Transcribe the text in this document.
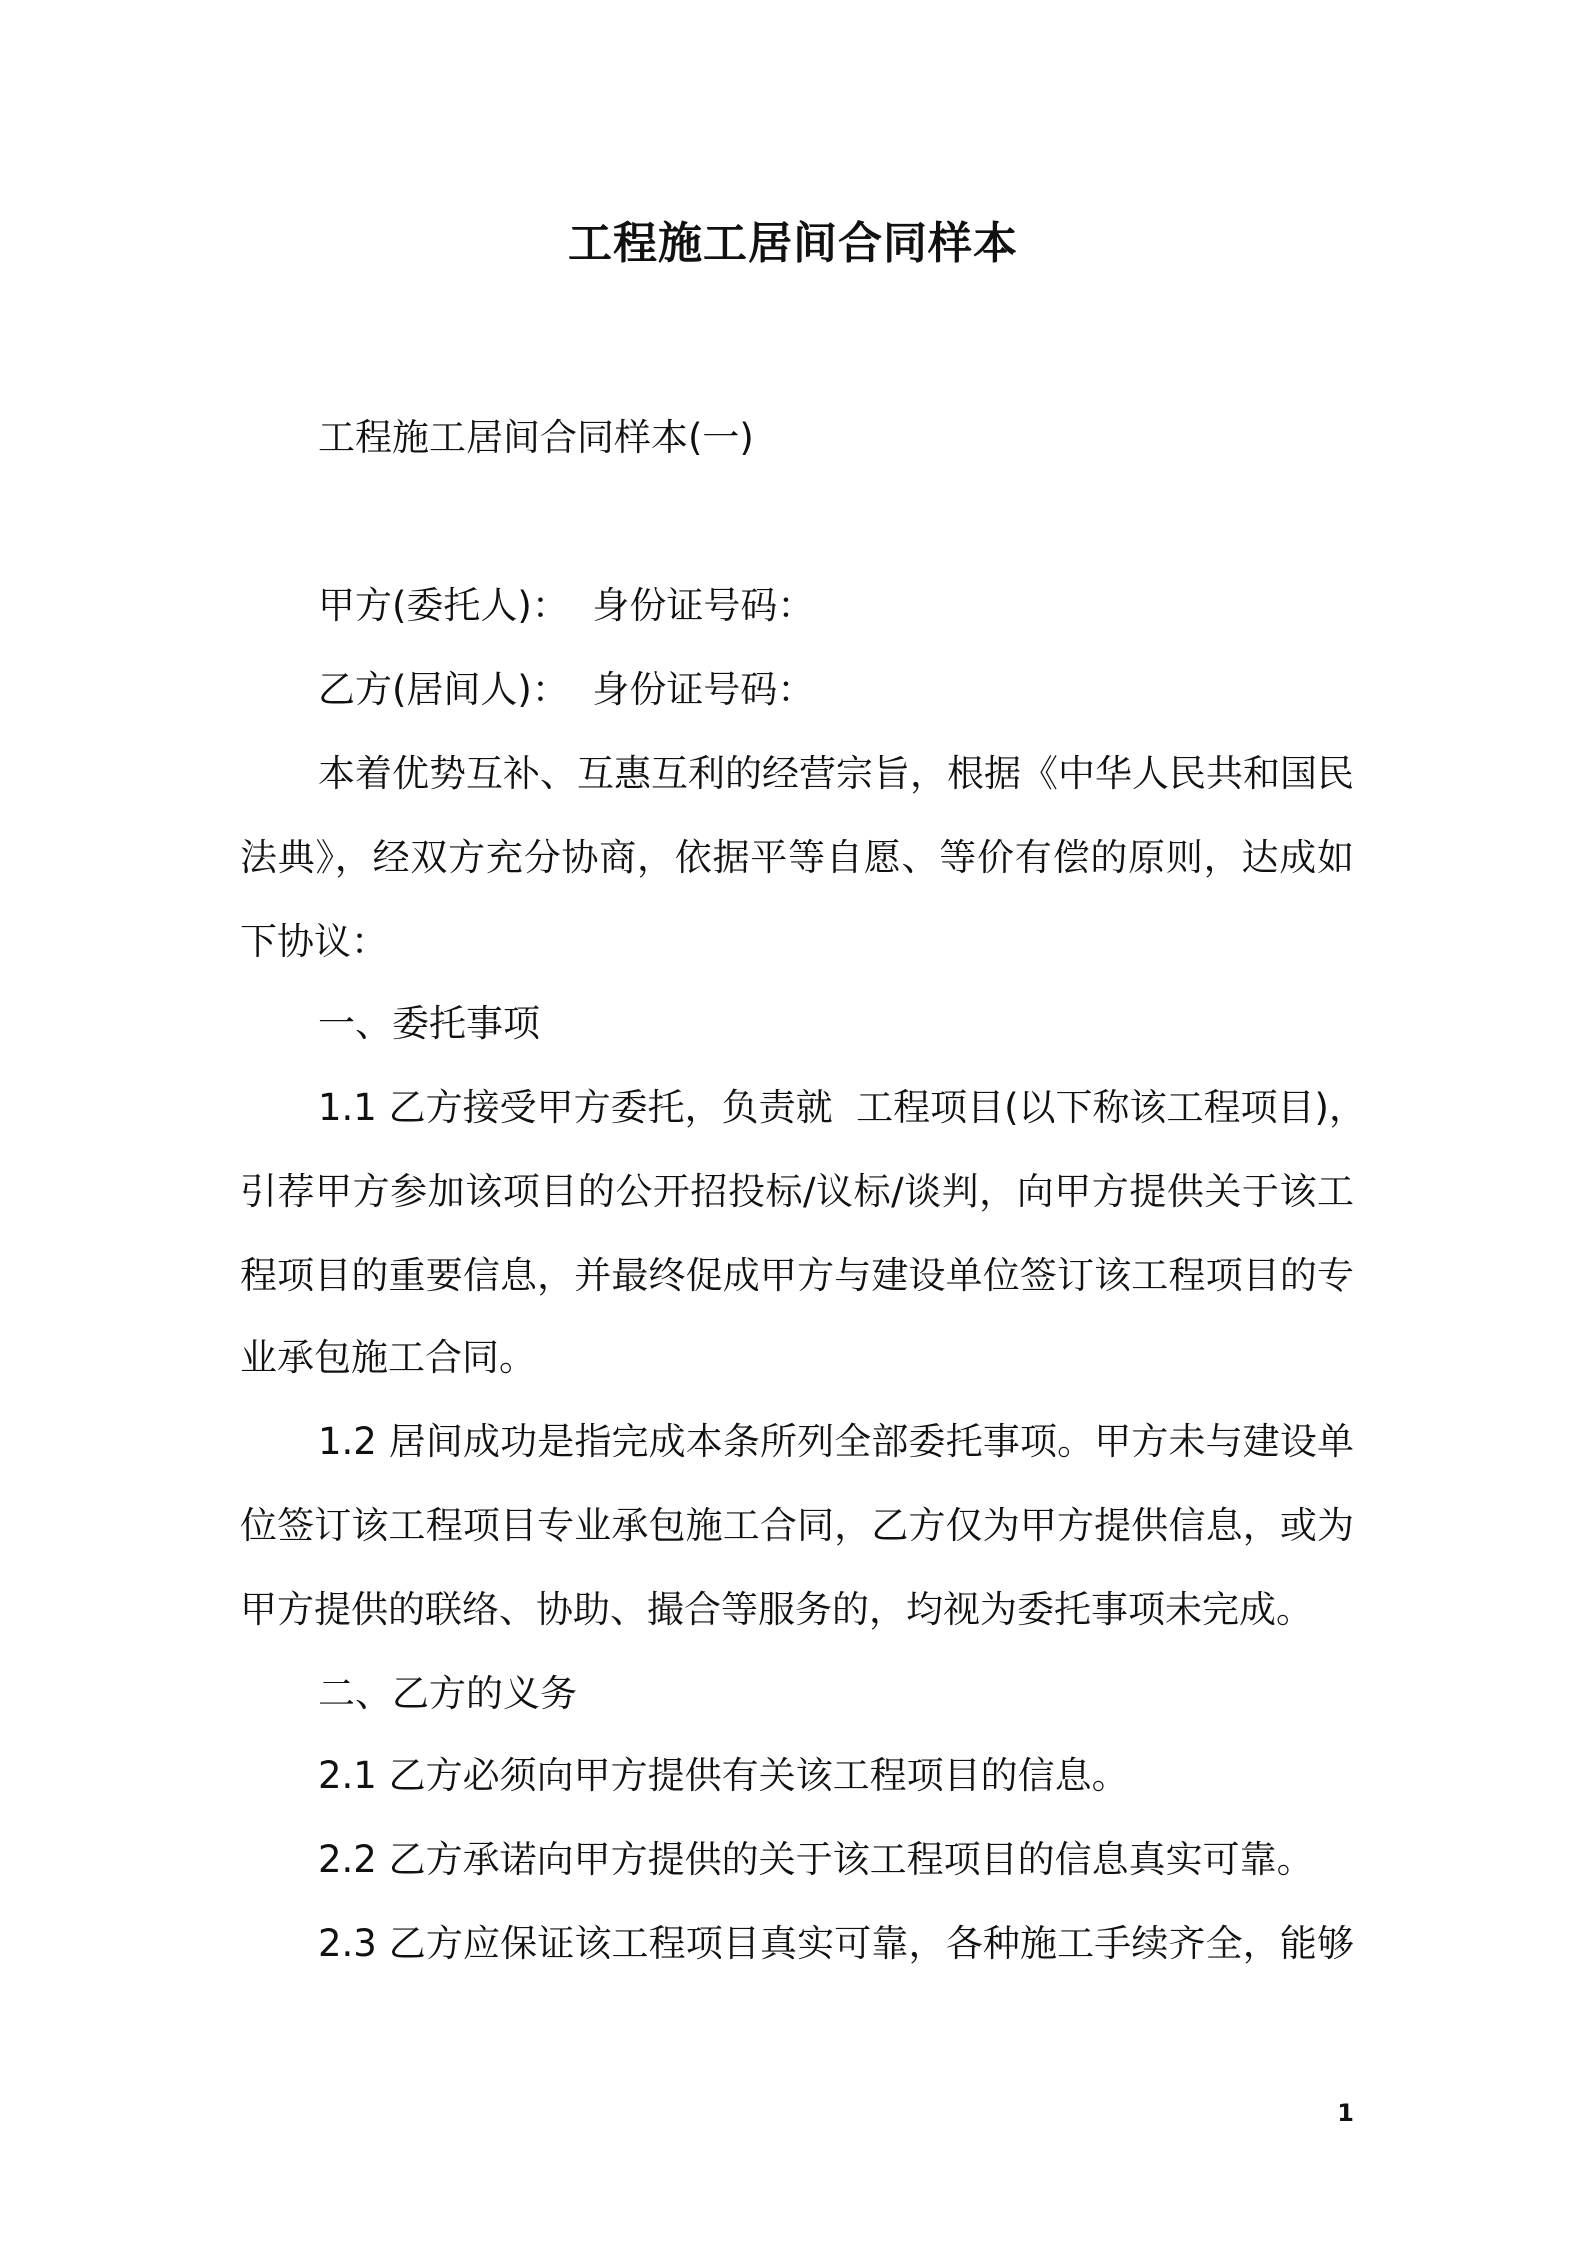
工程施工居间合同样本
工程施工居间合同样本(一)
甲方(委托人)：  身份证号码：
乙方(居间人)：  身份证号码：
本着优势互补、互惠互利的经营宗旨，根据《中华人民共和国民
法典》，经双方充分协商，依据平等自愿、等价有偿的原则，达成如
下协议：
一、委托事项
1.1 乙方接受甲方委托，负责就  工程项目(以下称该工程项目)，
引荐甲方参加该项目的公开招投标/议标/谈判，向甲方提供关于该工
程项目的重要信息，并最终促成甲方与建设单位签订该工程项目的专
业承包施工合同。
1.2 居间成功是指完成本条所列全部委托事项。甲方未与建设单
位签订该工程项目专业承包施工合同，乙方仅为甲方提供信息，或为
甲方提供的联络、协助、撮合等服务的，均视为委托事项未完成。
二、乙方的义务
2.1 乙方必须向甲方提供有关该工程项目的信息。
2.2 乙方承诺向甲方提供的关于该工程项目的信息真实可靠。
2.3 乙方应保证该工程项目真实可靠，各种施工手续齐全，能够
1
